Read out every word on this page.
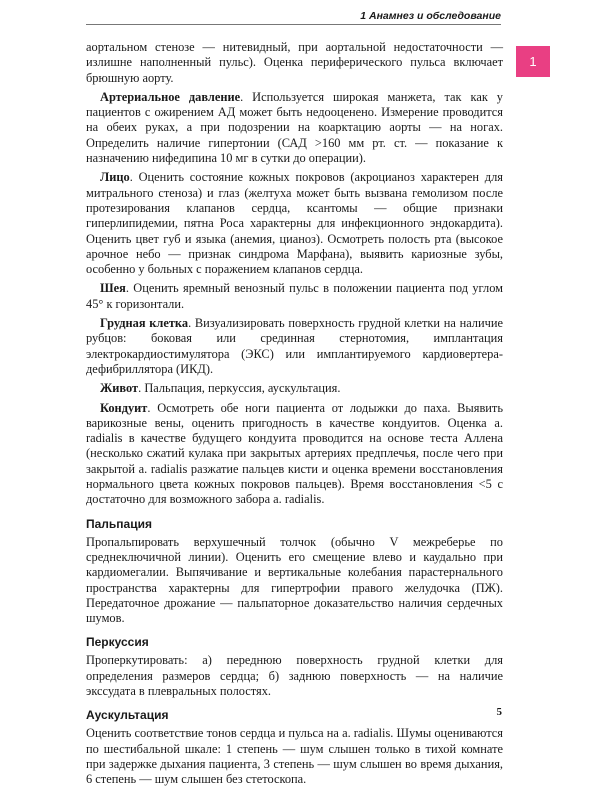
1 Анамнез и обследование
1

аортальном стенозе — нитевидный, при аортальной недостаточности — излишне наполненный пульс). Оценка периферического пульса включает брюшную аорту.

Артериальное давление. Используется широкая манжета, так как у пациентов с ожирением АД может быть недооценено. Измерение проводится на обеих руках, а при подозрении на коарктацию аорты — на ногах. Определить наличие гипертонии (САД >160 мм рт. ст. — показание к назначению нифедипина 10 мг в сутки до операции).

Лицо. Оценить состояние кожных покровов (акроцианоз характерен для митрального стеноза) и глаз (желтуха может быть вызвана гемолизом после протезирования клапанов сердца, ксантомы — общие признаки гиперлипидемии, пятна Роса характерны для инфекционного эндокардита). Оценить цвет губ и языка (анемия, цианоз). Осмотреть полость рта (высокое арочное небо — признак синдрома Марфана), выявить кариозные зубы, особенно у больных с поражением клапанов сердца.

Шея. Оценить яремный венозный пульс в положении пациента под углом 45° к горизонтали.

Грудная клетка. Визуализировать поверхность грудной клетки на наличие рубцов: боковая или срединная стернотомия, имплантация электрокардиостимулятора (ЭКС) или имплантируемого кардиовертера-дефибриллятора (ИКД).

Живот. Пальпация, перкуссия, аускультация.

Кондуит. Осмотреть обе ноги пациента от лодыжки до паха. Выявить варикозные вены, оценить пригодность в качестве кондуитов. Оценка a. radialis в качестве будущего кондуита проводится на основе теста Аллена (несколько сжатий кулака при закрытых артериях предплечья, после чего при закрытой a. radialis разжатие пальцев кисти и оценка времени восстановления нормального цвета кожных покровов пальцев). Время восстановления <5 с достаточно для возможного забора a. radialis.

Пальпация

Пропальпировать верхушечный толчок (обычно V межреберье по среднеключичной линии). Оценить его смещение влево и каудально при кардиомегалии. Выпячивание и вертикальные колебания парастернального пространства характерны для гипертрофии правого желудочка (ПЖ). Передаточное дрожание — пальпаторное доказательство наличия сердечных шумов.

Перкуссия

Проперкутировать: а) переднюю поверхность грудной клетки для определения размеров сердца; б) заднюю поверхность — на наличие экссудата в плевральных полостях.

Аускультация

Оценить соответствие тонов сердца и пульса на a. radialis. Шумы оцениваются по шестибальной шкале: 1 степень — шум слышен только в тихой комнате при задержке дыхания пациента, 3 степень — шум слышен во время дыхания, 6 степень — шум слышен без стетоскопа.

5
